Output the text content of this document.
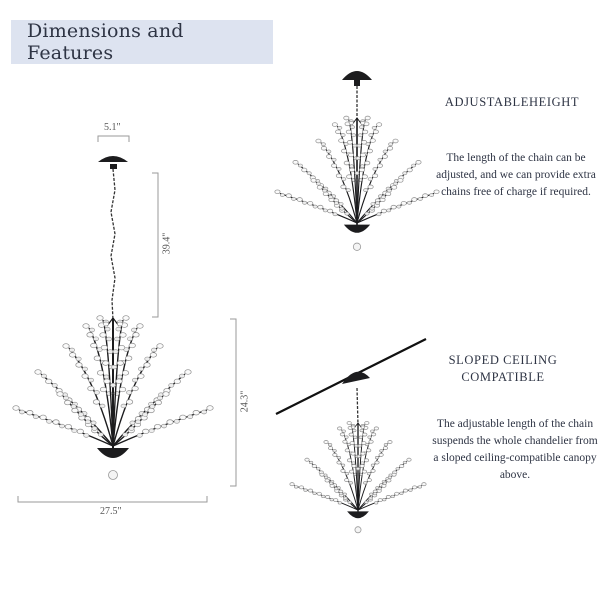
Dimensions and Features
5.1"
39.4"
24.3"
27.5"
ADJUSTABLEHEIGHT
The length of the chain can be adjusted, and we can provide extra chains free of charge if required.
SLOPED CEILING COMPATIBLE
The adjustable length of the chain suspends the whole chandelier from a sloped ceiling-compatible canopy above.
